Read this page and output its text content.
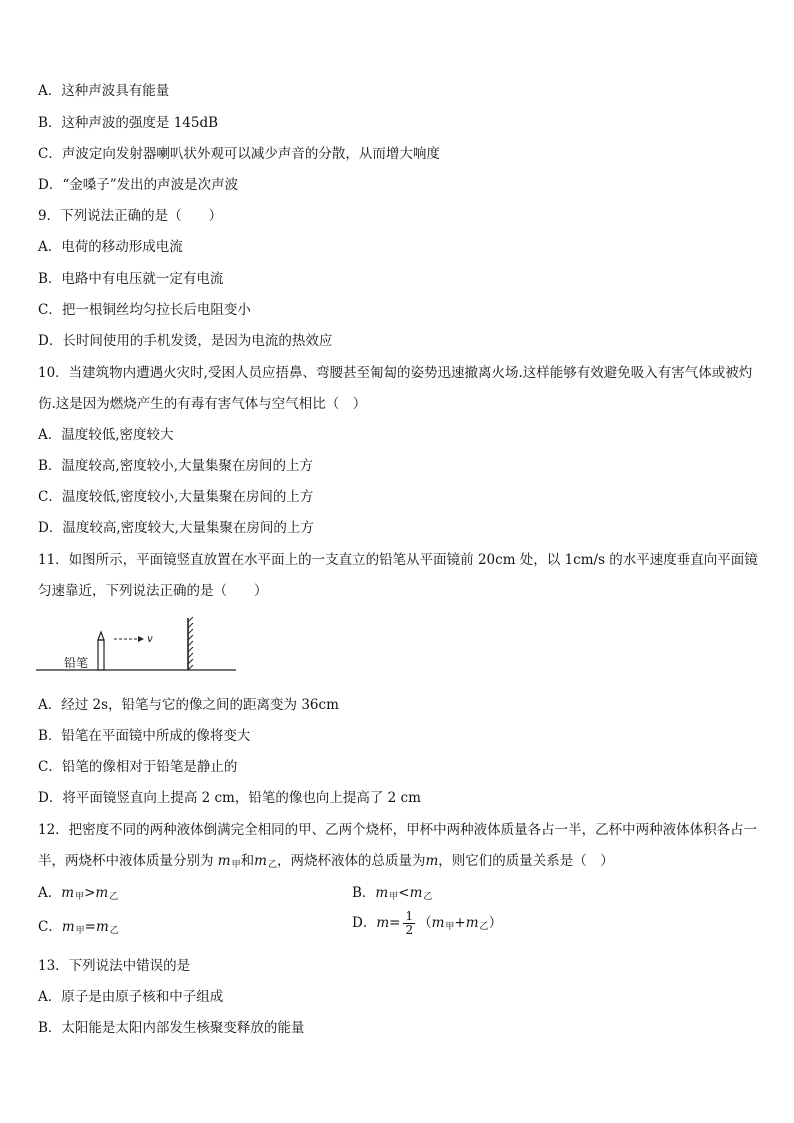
A．这种声波具有能量
B．这种声波的强度是 145dB
C．声波定向发射器喇叭状外观可以减少声音的分散，从而增大响度
D．“金嗓子”发出的声波是次声波
9．下列说法正确的是（　　）
A．电荷的移动形成电流
B．电路中有电压就一定有电流
C．把一根铜丝均匀拉长后电阻变小
D．长时间使用的手机发烫，是因为电流的热效应
10．当建筑物内遭遇火灾时,受困人员应捂鼻、弯腰甚至匍匐的姿势迅速撤离火场.这样能够有效避免吸入有害气体或被灼伤.这是因为燃烧产生的有毒有害气体与空气相比（　）
A．温度较低,密度较大
B．温度较高,密度较小,大量集聚在房间的上方
C．温度较低,密度较小,大量集聚在房间的上方
D．温度较高,密度较大,大量集聚在房间的上方
11．如图所示，平面镜竖直放置在水平面上的一支直立的铅笔从平面镜前 20cm 处，以 1cm/s 的水平速度垂直向平面镜匀速靠近，下列说法正确的是（　　）
v
铅笔
A．经过 2s，铅笔与它的像之间的距离变为 36cm
B．铅笔在平面镜中所成的像将变大
C．铅笔的像相对于铅笔是静止的
D．将平面镜竖直向上提高 2 cm，铅笔的像也向上提高了 2 cm
12．把密度不同的两种液体倒满完全相同的甲、乙两个烧杯，甲杯中两种液体质量各占一半，乙杯中两种液体体积各占一半，两烧杯中液体质量分别为 $m_甲$和$m_乙$，两烧杯液体的总质量为m，则它们的质量关系是（　）
A．$m_甲>m_乙$	B．$m_甲<m_乙$
C．$m_甲=m_乙$	D．$m= \frac{1}{2} (m_甲+m_乙)$
13．下列说法中错误的是
A．原子是由原子核和中子组成
B．太阳能是太阳内部发生核聚变释放的能量
